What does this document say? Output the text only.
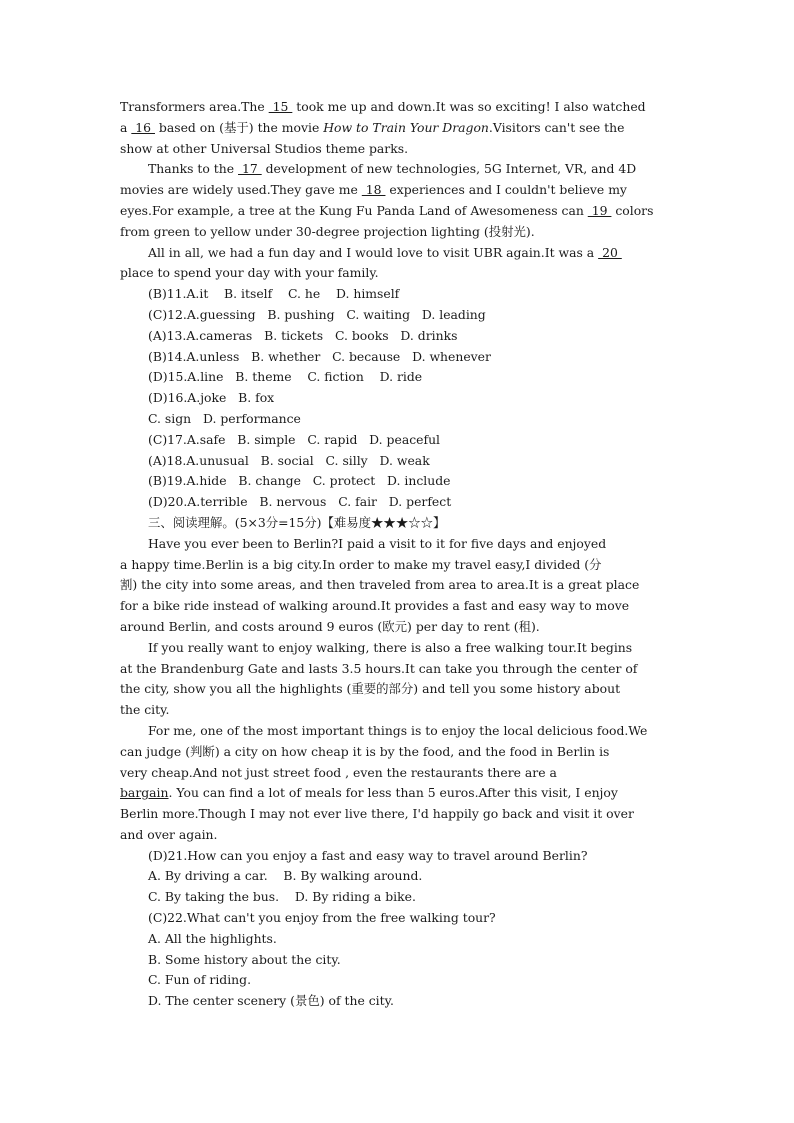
Transformers area.The  15  took me up and down.It was so exciting! I also watched
a  16  based on (基于) the movie How to Train Your Dragon.Visitors can't see the
show at other Universal Studios theme parks.
Thanks to the  17  development of new technologies, 5G Internet, VR, and 4D
movies are widely used.They gave me  18  experiences and I couldn't believe my
eyes.For example, a tree at the Kung Fu Panda Land of Awesomeness can  19  colors
from green to yellow under 30-degree projection lighting (投射光).
All in all, we had a fun day and I would love to visit UBR again.It was a  20
place to spend your day with your family.
(B)11.A.it    B. itself    C. he    D. himself
(C)12.A.guessing   B. pushing   C. waiting   D. leading
(A)13.A.cameras   B. tickets   C. books   D. drinks
(B)14.A.unless   B. whether   C. because   D. whenever
(D)15.A.line   B. theme    C. fiction    D. ride
(D)16.A.joke   B. fox
C. sign   D. performance
(C)17.A.safe   B. simple   C. rapid   D. peaceful
(A)18.A.unusual   B. social   C. silly   D. weak
(B)19.A.hide   B. change   C. protect   D. include
(D)20.A.terrible   B. nervous   C. fair   D. perfect
三、阅读理解。(5×3分=15分)【难易度★★★☆☆】
Have you ever been to Berlin?I paid a visit to it for five days and enjoyed
a happy time.Berlin is a big city.In order to make my travel easy,I divided (分
割) the city into some areas, and then traveled from area to area.It is a great place
for a bike ride instead of walking around.It provides a fast and easy way to move
around Berlin, and costs around 9 euros (欧元) per day to rent (租).
If you really want to enjoy walking, there is also a free walking tour.It begins
at the Brandenburg Gate and lasts 3.5 hours.It can take you through the center of
the city, show you all the highlights (重要的部分) and tell you some history about
the city.
For me, one of the most important things is to enjoy the local delicious food.We
can judge (判断) a city on how cheap it is by the food, and the food in Berlin is
very cheap.And not just street food , even the restaurants there are a
bargain. You can find a lot of meals for less than 5 euros.After this visit, I enjoy
Berlin more.Though I may not ever live there, I'd happily go back and visit it over
and over again.
(D)21.How can you enjoy a fast and easy way to travel around Berlin?
A. By driving a car.    B. By walking around.
C. By taking the bus.    D. By riding a bike.
(C)22.What can't you enjoy from the free walking tour?
A. All the highlights.
B. Some history about the city.
C. Fun of riding.
D. The center scenery (景色) of the city.
